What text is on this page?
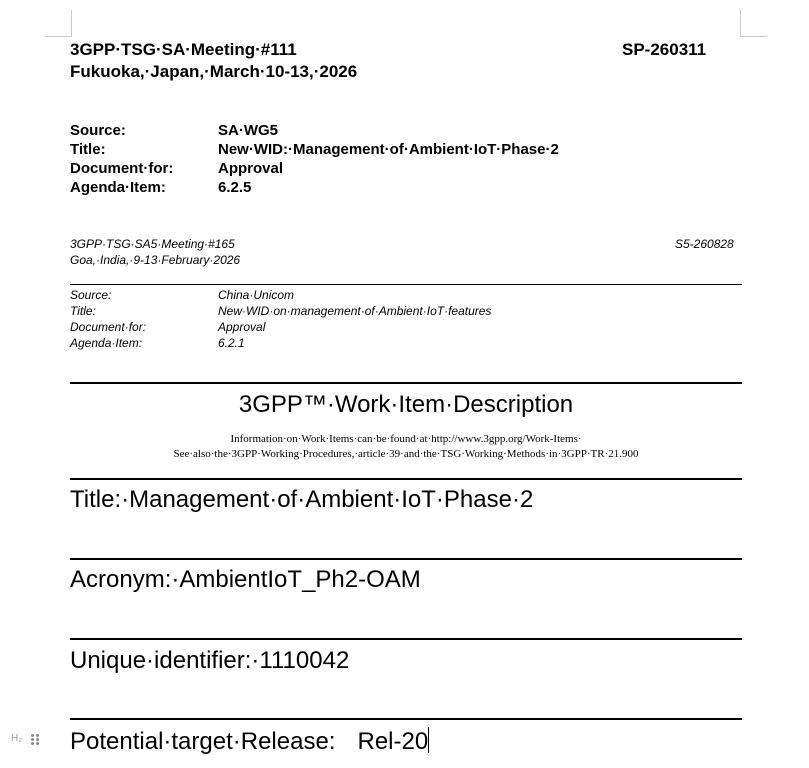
3GPP·TSG·SA·Meeting·#111	SP-260311
Fukuoka,·Japan,·March·10-13,·2026
Source:	SA·WG5
Title:	New·WID:·Management·of·Ambient·IoT·Phase·2
Document·for:	Approval
Agenda·Item:	6.2.5
3GPP·TSG·SA5·Meeting·#165	S5-260828
Goa,·India,·9-13·February·2026
Source:	China·Unicom
Title:	New·WID·on·management·of·Ambient·IoT·features
Document·for:	Approval
Agenda·Item:	6.2.1
3GPP™·Work·Item·Description
Information·on·Work·Items·can·be·found·at·http://www.3gpp.org/Work-Items·
See·also·the·3GPP·Working·Procedures,·article·39·and·the·TSG·Working·Methods·in·3GPP·TR·21.900
Title:·Management·of·Ambient·IoT·Phase·2
Acronym:·AmbientIoT_Ph2-OAM
Unique·identifier:·1110042
Potential·target·Release: Rel-20
H₂
